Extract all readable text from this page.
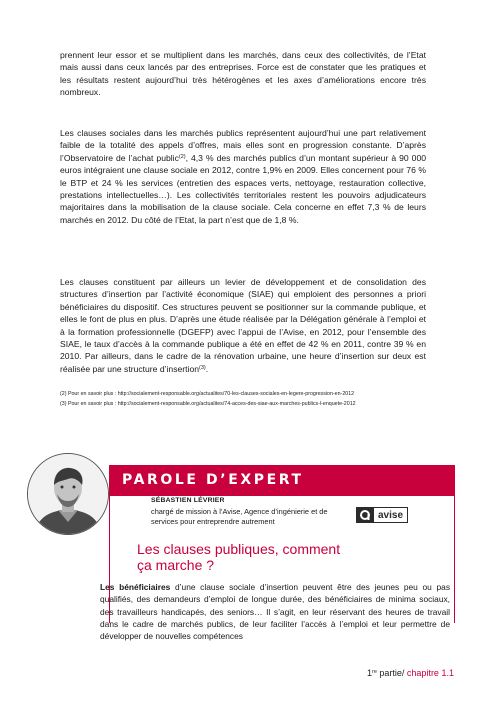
prennent leur essor et se multiplient dans les marchés, dans ceux des collectivités, de l’Etat mais aussi dans ceux lancés par des entreprises. Force est de constater que les pratiques et les résultats restent aujourd’hui très hétérogènes et les axes d’améliorations encore très nombreux.

Les clauses sociales dans les marchés publics représentent aujourd’hui une part relativement faible de la totalité des appels d’offres, mais elles sont en progression constante. D’après l’Observatoire de l’achat public$^{(2)}$, 4,3 % des marchés publics d’un montant supérieur à 90 000 euros intégraient une clause sociale en 2012, contre 1,9% en 2009. Elles concernent pour 76 % le BTP et 24 % les services (entretien des espaces verts, nettoyage, restauration collective, prestations intellectuelles…). Les collectivités territoriales restent les pouvoirs adjudicateurs majoritaires dans la mobilisation de la clause sociale. Cela concerne en effet 7,3 % de leurs marchés en 2012. Du côté de l’Etat, la part n’est que de 1,8 %.

Les clauses constituent par ailleurs un levier de développement et de consolidation des structures d’insertion par l’activité économique (SIAE) qui emploient des personnes a priori bénéficiaires du dispositif. Ces structures peuvent se positionner sur la commande publique, et elles le font de plus en plus. D’après une étude réalisée par la Délégation générale à l’emploi et à la formation professionnelle (DGEFP) avec l’appui de l’Avise, en 2012, pour l’ensemble des SIAE, le taux d’accès à la commande publique a été en effet de 42 % en 2011, contre 39 % en 2010. Par ailleurs, dans le cadre de la rénovation urbaine, une heure d’insertion sur deux est réalisée par une structure d’insertion$^{(3)}$.

(2) Pour en savoir plus : http://socialement-responsable.org/actualites/70-les-clauses-sociales-en-legere-progression-en-2012
(3) Pour en savoir plus : http://socialement-responsable.org/actualites/74-acces-des-siae-aux-marches-publics-l-enquete-2012
PAROLE D’EXPERT
SÉBASTIEN LÉVRIER
chargé de mission à l’Avise, Agence d’ingénierie et de services pour entreprendre autrement	avise
Les clauses publiques, comment ça marche ?

Les bénéficiaires d’une clause sociale d’insertion peuvent être des jeunes peu ou pas qualifiés, des demandeurs d’emploi de longue durée, des bénéficiaires de minima sociaux, des travailleurs handicapés, des seniors… Il s’agit, en leur réservant des heures de travail dans le cadre de marchés publics, de leur faciliter l’accès à l’emploi et leur permettre de développer de nouvelles compétences

1re partie/ chapitre 1.1
